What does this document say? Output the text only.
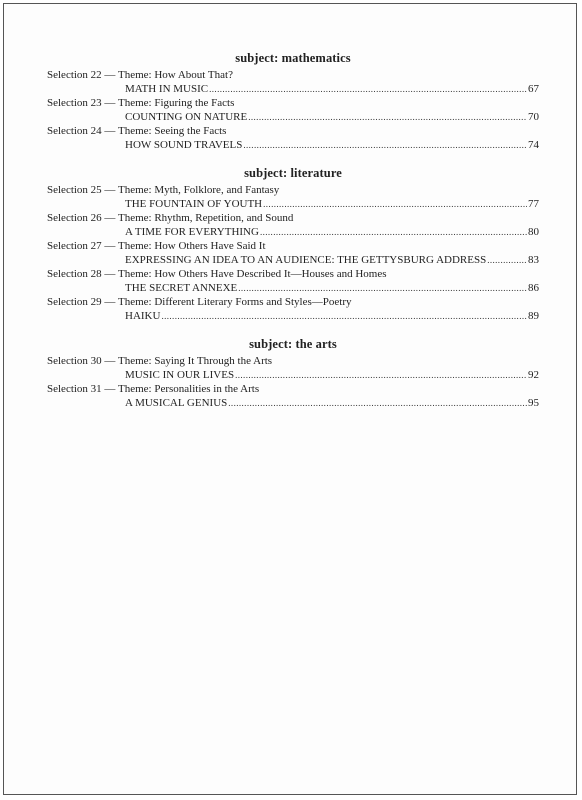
subject: mathematics
Selection 22 — Theme: How About That?
MATH IN MUSIC .....	67
Selection 23 — Theme: Figuring the Facts
COUNTING ON NATURE .....	70
Selection 24 — Theme: Seeing the Facts
HOW SOUND TRAVELS .....	74
subject: literature
Selection 25 — Theme: Myth, Folklore, and Fantasy
THE FOUNTAIN OF YOUTH .....	77
Selection 26 — Theme: Rhythm, Repetition, and Sound
A TIME FOR EVERYTHING .....	80
Selection 27 — Theme: How Others Have Said It
EXPRESSING AN IDEA TO AN AUDIENCE: THE GETTYSBURG ADDRESS .....	83
Selection 28 — Theme: How Others Have Described It—Houses and Homes
THE SECRET ANNEXE .....	86
Selection 29 — Theme: Different Literary Forms and Styles—Poetry
HAIKU .....	89
subject: the arts
Selection 30 — Theme: Saying It Through the Arts
MUSIC IN OUR LIVES .....	92
Selection 31 — Theme: Personalities in the Arts
A MUSICAL GENIUS .....	95
